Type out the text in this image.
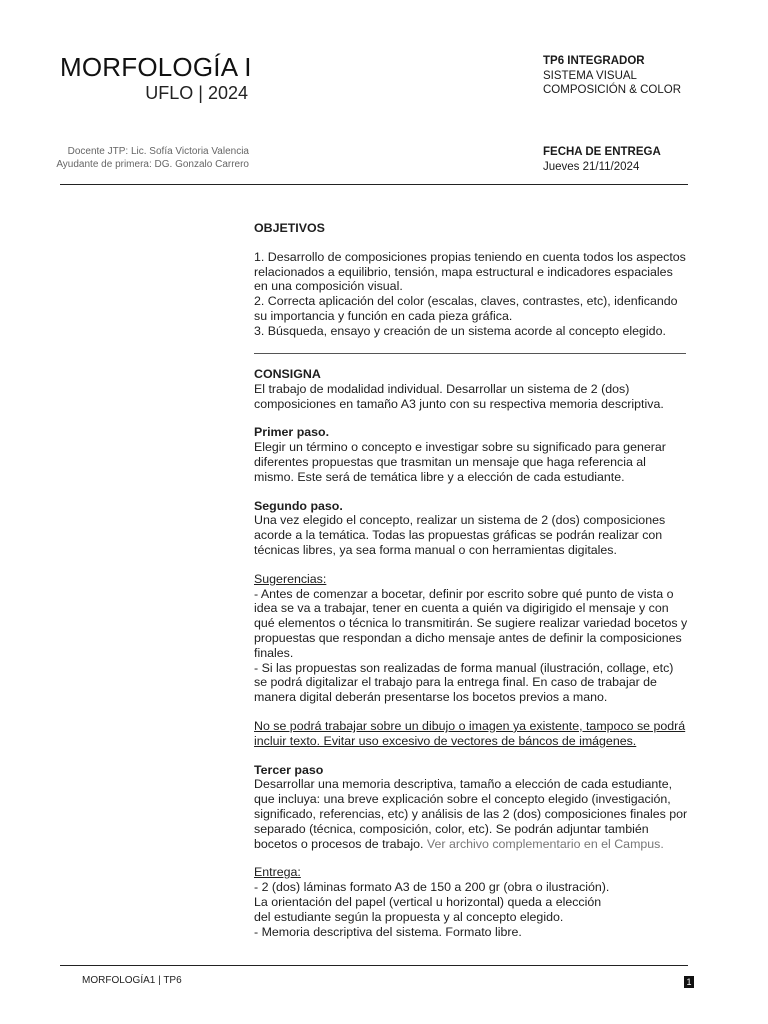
MORFOLOGÍA I
UFLO | 2024
TP6 INTEGRADOR
SISTEMA VISUAL
COMPOSICIÓN & COLOR
Docente JTP: Lic. Sofía Victoria Valencia
Ayudante de primera: DG. Gonzalo Carrero
FECHA DE ENTREGA
Jueves 21/11/2024

OBJETIVOS

1. Desarrollo de composiciones propias teniendo en cuenta todos los aspectos relacionados a equilibrio, tensión, mapa estructural e indicadores espaciales en una composición visual.

2. Correcta aplicación del color (escalas, claves, contrastes, etc), idenficando su importancia y función en cada pieza gráfica.

3. Búsqueda, ensayo y creación de un sistema acorde al concepto elegido.

CONSIGNA

El trabajo de modalidad individual. Desarrollar un sistema de 2 (dos) composiciones en tamaño A3 junto con su respectiva memoria descriptiva.

Primer paso.

Elegir un término o concepto e investigar sobre su significado para generar diferentes propuestas que trasmitan un mensaje que haga referencia al mismo. Este será de temática libre y a elección de cada estudiante.

Segundo paso.

Una vez elegido el concepto, realizar un sistema de 2 (dos) composiciones acorde a la temática. Todas las propuestas gráficas se podrán realizar con técnicas libres, ya sea forma manual o con herramientas digitales.

Sugerencias:

- Antes de comenzar a bocetar, definir por escrito sobre qué punto de vista o idea se va a trabajar, tener en cuenta a quién va digirigido el mensaje y con qué elementos o técnica lo transmitirán. Se sugiere realizar variedad bocetos y propuestas que respondan a dicho mensaje antes de definir la composiciones finales.

- Si las propuestas son realizadas de forma manual (ilustración, collage, etc) se podrá digitalizar el trabajo para la entrega final. En caso de trabajar de manera digital deberán presentarse los bocetos previos a mano.

No se podrá trabajar sobre un dibujo o imagen ya existente, tampoco se podrá incluir texto. Evitar uso excesivo de vectores de báncos de imágenes.

Tercer paso

Desarrollar una memoria descriptiva, tamaño a elección de cada estudiante, que incluya: una breve explicación sobre el concepto elegido (investigación, significado, referencias, etc) y análisis de las 2 (dos) composiciones finales por separado (técnica, composición, color, etc). Se podrán adjuntar también bocetos o procesos de trabajo. Ver archivo complementario en el Campus.

Entrega:

- 2 (dos) láminas formato A3 de 150 a 200 gr (obra o ilustración).

La orientación del papel (vertical u horizontal) queda a elección

del estudiante según la propuesta y al concepto elegido.

- Memoria descriptiva del sistema. Formato libre.

MORFOLOGÍA1 | TP6	1
